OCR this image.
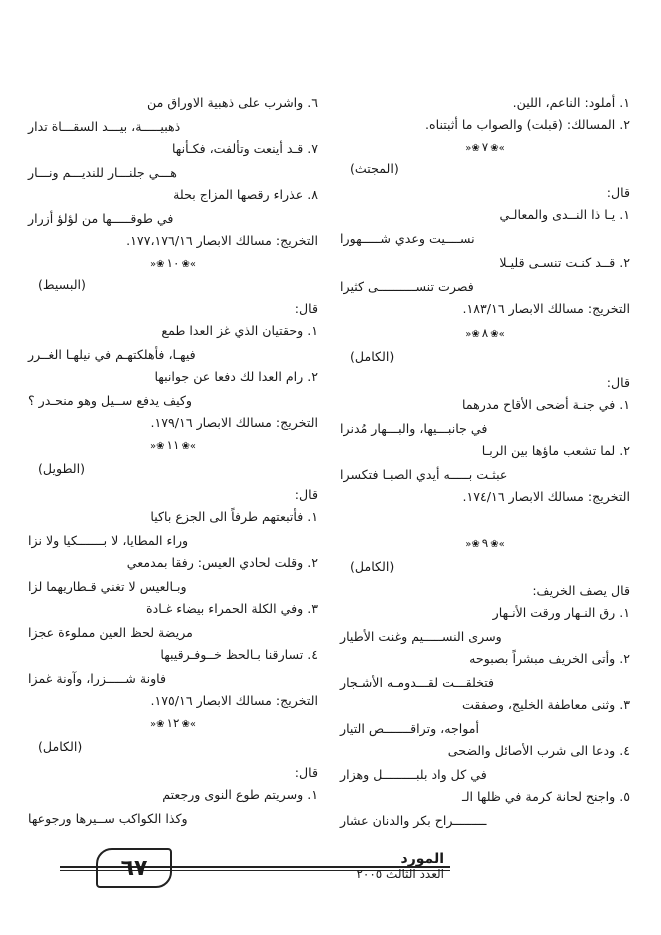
١. أملود: الناعم، اللين.
٢. المسالك: (قبلت) والصواب ما أثبتناه.
»❀٧❀«
(المجتث)
قال:
١. يـا ذا النــدى والمعالـي
نســــيت وعدي شـــــهورا
٢. قــد كنـت تنسـى قليـلا
فصرت تنســــــــــى كثيرا
التخريج: مسالك الابصار ١٨٣/١٦.
»❀٨❀«
(الكامل)
قال:
١. في جنـة أضحى الأقاح مدرهما
في جانبـــيها، والبـــهار مُدنرا
٢. لما تشعب ماؤها بين الربـا
عبثـت بـــــه أيدي الصبـا فتكسرا
التخريج: مسالك الابصار ١٧٤/١٦.
»❀٩❀«
(الكامل)
قال يصف الخريف:
١. رق النـهار ورقت الأنـهار
وسرى النســـــيم وغنت الأطيار
٢. وأتى الخريف مبشراً بصبوحه
فتخلقـــت لقـــدومـه الأشـجار
٣. وثنى معاطفة الخليج، وصفقت
أمواجه، وتراقـــــــص التيار
٤. ودعا الى شرب الأصائل والضحى
في كل واد بلبـــــــــل وهزار
٥. واجنح لحانة كرمة في ظلها الـ
ـــــــــراح بكر والدنان عشار
٦. واشرب على ذهبية الاوراق من
ذهبيـــــة، بيـــد السقـــاة تدار
٧. قـد أينعت وتألفت، فكـأنها
هـــي جلنـــار للنديـــم ونـــار
٨. عذراء رقصها المزاج بحلة
في طوقـــــها من لؤلؤ أزرار
التخريج: مسالك الابصار ١٧٧،١٧٦/١٦.
»❀١٠❀«
(البسيط)
قال:
١. وحقتيان الذي غز العدا طمع
فيهـا، فأهلكتهـم في نيلهـا الغــرر
٢. رام العدا لك دفعا عن جوانبها
وكيف يدفع ســيل وهو منحـدر ؟
التخريج: مسالك الابصار ١٧٩/١٦.
»❀١١❀«
(الطويل)
قال:
١. فأتبعتهم طرفاً الى الجزع باكيا
وراء المطايا، لا بـــــــكيا ولا نزا
٢. وقلت لحادي العيس: رفقا بمدمعي
وبـالعيس لا تغني قـطاريهما لزا
٣. وفي الكلة الحمراء بيضاء غـادة
مريضة لحظ العين مملوءة عجزا
٤. تسارقنا بـالحظ خــوفـرقيبها
فاونة شـــــزرا، وآونة غمزا
التخريج: مسالك الابصار ١٧٥/١٦.
»❀١٢❀«
(الكامل)
قال:
١. وسريتم طوع النوى ورجعتم
وكذا الكواكب ســيرها ورجوعها
٦٧	المورد
العدد الثالث ٢٠٠٥
